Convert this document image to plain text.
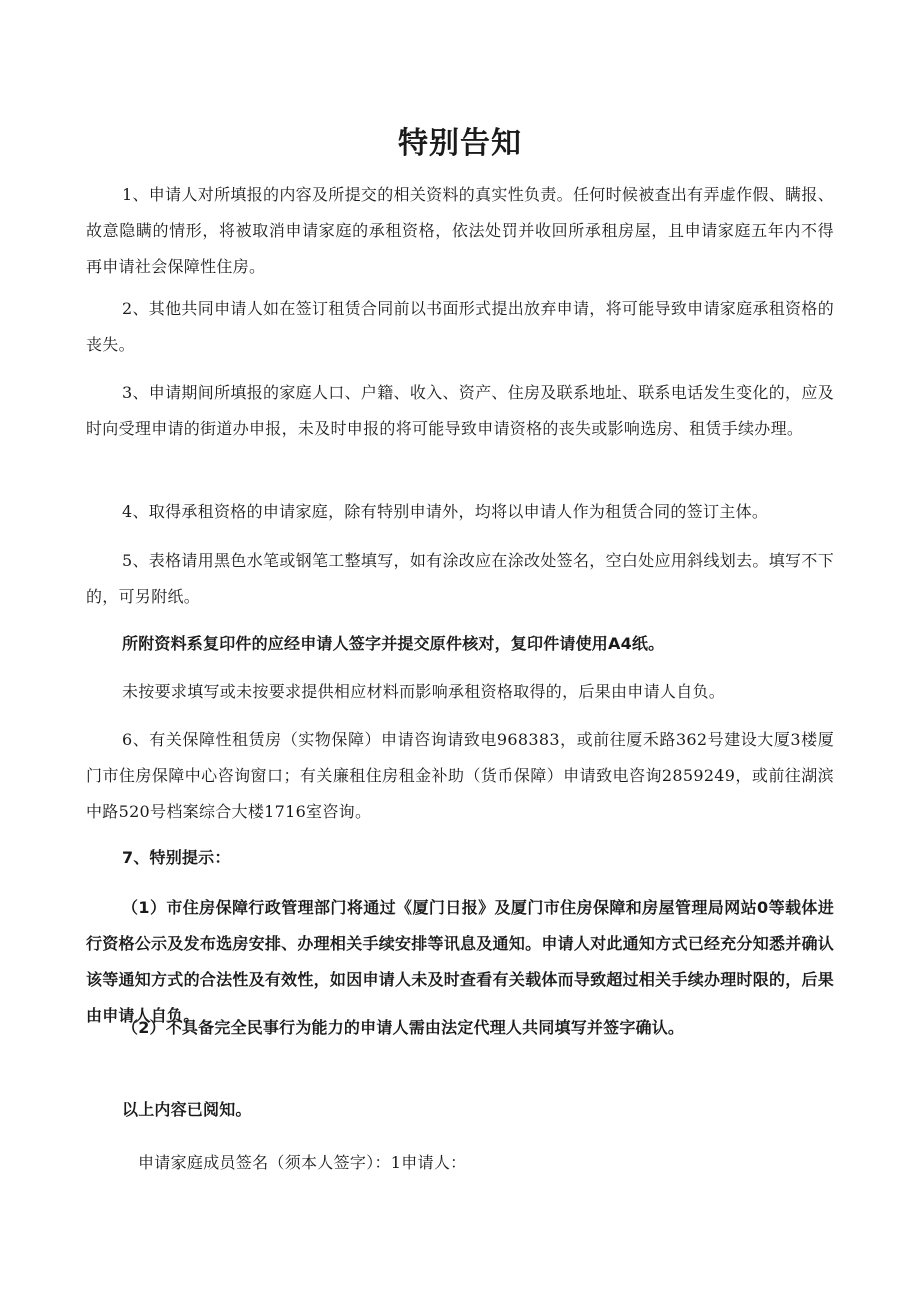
特别告知

1、申请人对所填报的内容及所提交的相关资料的真实性负责。任何时候被查出有弄虚作假、瞒报、故意隐瞒的情形，将被取消申请家庭的承租资格，依法处罚并收回所承租房屋，且申请家庭五年内不得再申请社会保障性住房。

2、其他共同申请人如在签订租赁合同前以书面形式提出放弃申请，将可能导致申请家庭承租资格的丧失。

3、申请期间所填报的家庭人口、户籍、收入、资产、住房及联系地址、联系电话发生变化的，应及时向受理申请的街道办申报，未及时申报的将可能导致申请资格的丧失或影响选房、租赁手续办理。

4、取得承租资格的申请家庭，除有特别申请外，均将以申请人作为租赁合同的签订主体。

5、表格请用黑色水笔或钢笔工整填写，如有涂改应在涂改处签名，空白处应用斜线划去。填写不下的，可另附纸。

所附资料系复印件的应经申请人签字并提交原件核对，复印件请使用A4纸。

未按要求填写或未按要求提供相应材料而影响承租资格取得的，后果由申请人自负。

6、有关保障性租赁房（实物保障）申请咨询请致电968383，或前往厦禾路362号建设大厦3楼厦门市住房保障中心咨询窗口；有关廉租住房租金补助（货币保障）申请致电咨询2859249，或前往湖滨中路520号档案综合大楼1716室咨询。

7、特别提示：

（1）市住房保障行政管理部门将通过《厦门日报》及厦门市住房保障和房屋管理局网站0等载体进行资格公示及发布选房安排、办理相关手续安排等讯息及通知。申请人对此通知方式已经充分知悉并确认该等通知方式的合法性及有效性，如因申请人未及时查看有关载体而导致超过相关手续办理时限的，后果由申请人自负。

（2）不具备完全民事行为能力的申请人需由法定代理人共同填写并签字确认。

以上内容已阅知。

申请家庭成员签名（须本人签字）：1申请人：
